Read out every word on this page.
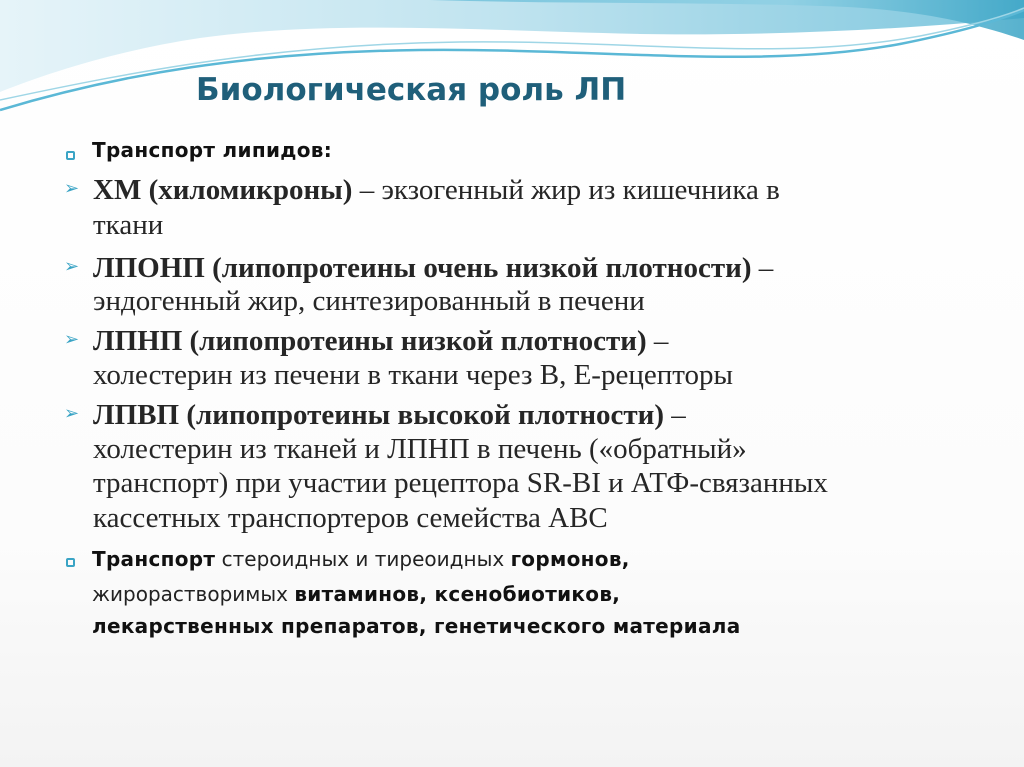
Биологическая роль ЛП

Транспорт липидов:

➢ ХМ (хиломикроны) – экзогенный жир из кишечника в

ткани

➢ ЛПОНП (липопротеины очень низкой плотности) –

эндогенный жир, синтезированный в печени

➢ ЛПНП (липопротеины низкой плотности) –

холестерин из печени в ткани через В, Е-рецепторы

➢ ЛПВП (липопротеины высокой плотности) –

холестерин из тканей и ЛПНП в печень («обратный»

транспорт) при участии рецептора SR-BI и АТФ-связанных

кассетных транспортеров семейства АВС

Транспорт стероидных и тиреоидных гормонов,

жирорастворимых витаминов, ксенобиотиков,

лекарственных препаратов, генетического материала
